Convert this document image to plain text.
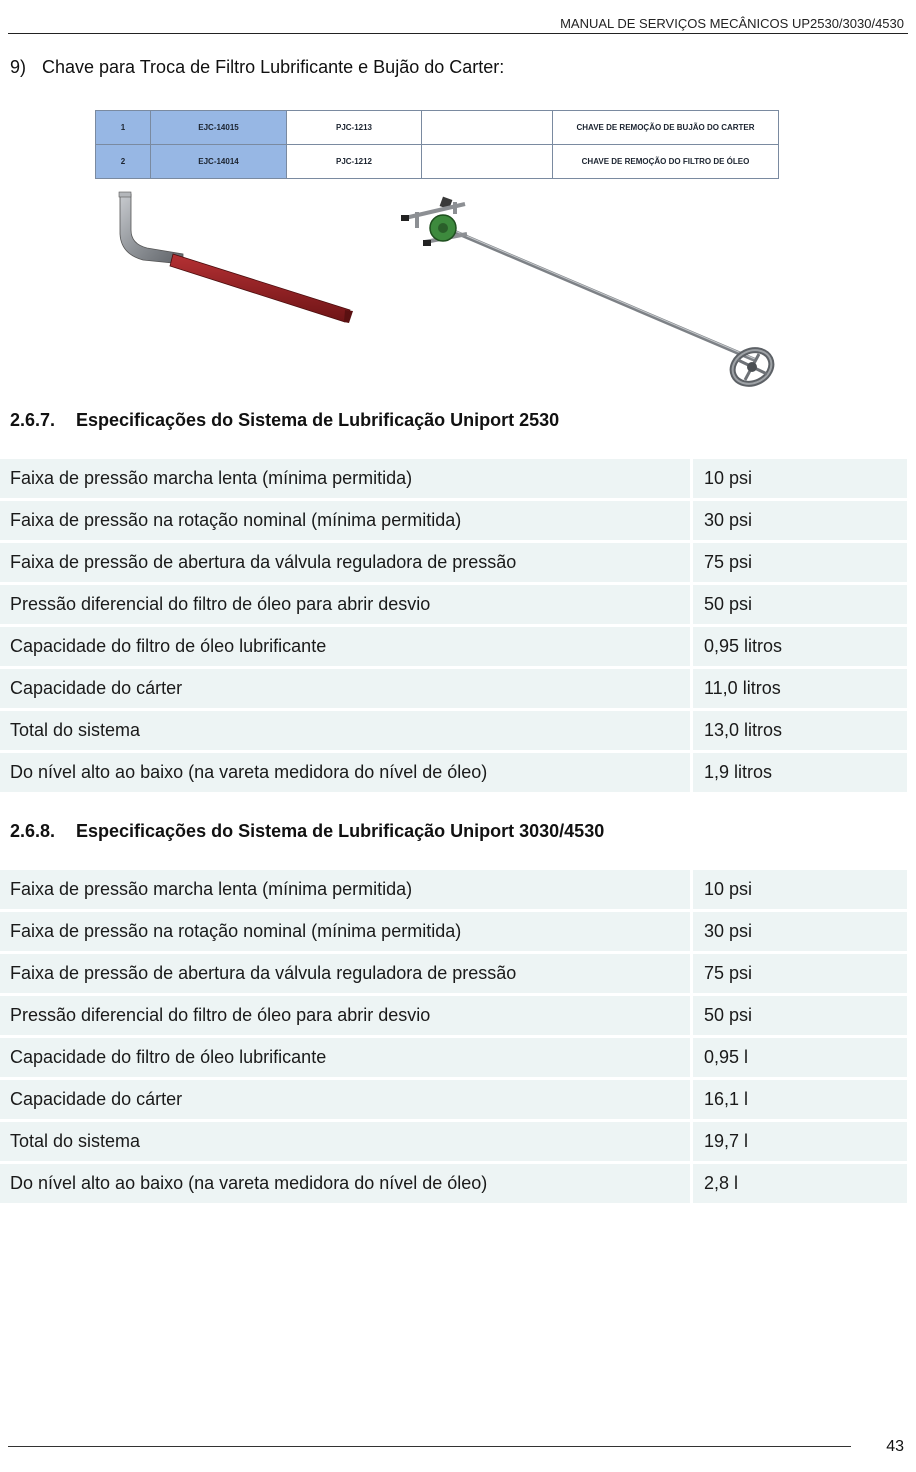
MANUAL DE SERVIÇOS MECÂNICOS UP2530/3030/4530
9) Chave para Troca de Filtro Lubrificante e Bujão do Carter:
1	EJC-14015	PJC-1213		CHAVE DE REMOÇÃO DE BUJÃO DO CARTER
2	EJC-14014	PJC-1212		CHAVE DE REMOÇÃO DO FILTRO DE ÓLEO
2.6.7. Especificações do Sistema de Lubrificação Uniport 2530
Faixa de pressão marcha lenta (mínima permitida)	10 psi
Faixa de pressão na rotação nominal (mínima permitida)	30 psi
Faixa de pressão de abertura da válvula reguladora de pressão	75 psi
Pressão diferencial do filtro de óleo para abrir desvio	50 psi
Capacidade do filtro de óleo lubrificante	0,95 litros
Capacidade do cárter	11,0 litros
Total do sistema	13,0 litros
Do nível alto ao baixo (na vareta medidora do nível de óleo)	1,9 litros
2.6.8. Especificações do Sistema de Lubrificação Uniport 3030/4530
Faixa de pressão marcha lenta (mínima permitida)	10 psi
Faixa de pressão na rotação nominal (mínima permitida)	30 psi
Faixa de pressão de abertura da válvula reguladora de pressão	75 psi
Pressão diferencial do filtro de óleo para abrir desvio	50 psi
Capacidade do filtro de óleo lubrificante	0,95 l
Capacidade do cárter	16,1 l
Total do sistema	19,7 l
Do nível alto ao baixo (na vareta medidora do nível de óleo)	2,8 l
43
